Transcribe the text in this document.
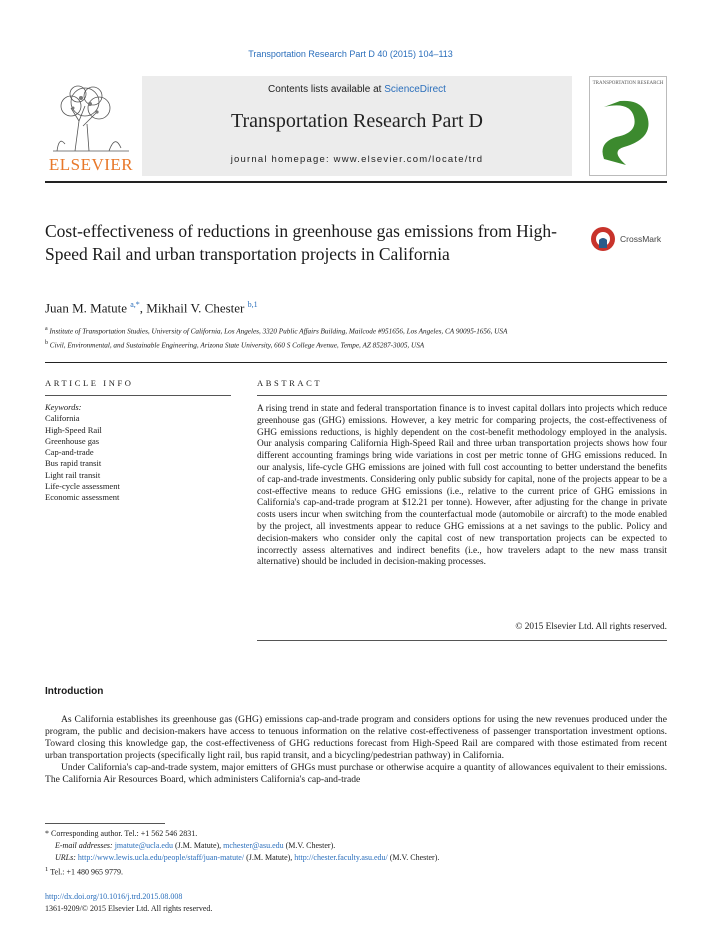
Transportation Research Part D 40 (2015) 104–113
ELSEVIER
Contents lists available at ScienceDirect
Transportation Research Part D
journal homepage: www.elsevier.com/locate/trd
TRANSPORTATION RESEARCH
Cost-effectiveness of reductions in greenhouse gas emissions from High-Speed Rail and urban transportation projects in California
CrossMark
Juan M. Matute $^{a,*}$, Mikhail V. Chester $^{b,1}$
$^a$ Institute of Transportation Studies, University of California, Los Angeles, 3320 Public Affairs Building, Mailcode #951656, Los Angeles, CA 90095-1656, USA
$^b$ Civil, Environmental, and Sustainable Engineering, Arizona State University, 660 S College Avenue, Tempe, AZ 85287-3005, USA
ARTICLE INFO
Keywords:
California
High-Speed Rail
Greenhouse gas
Cap-and-trade
Bus rapid transit
Light rail transit
Life-cycle assessment
Economic assessment
ABSTRACT
A rising trend in state and federal transportation finance is to invest capital dollars into projects which reduce greenhouse gas (GHG) emissions. However, a key metric for comparing projects, the cost-effectiveness of GHG emissions reductions, is highly dependent on the cost-benefit methodology employed in the analysis. Our analysis comparing California High-Speed Rail and three urban transportation projects shows how four different accounting framings bring wide variations in cost per metric tonne of GHG emissions reduced. In our analysis, life-cycle GHG emissions are joined with full cost accounting to better understand the benefits of cap-and-trade investments. Considering only public subsidy for capital, none of the projects appear to be a cost-effective means to reduce GHG emissions (i.e., relative to the current price of GHG emissions in California's cap-and-trade program at $12.21 per tonne). However, after adjusting for the change in private costs users incur when switching from the counterfactual mode (automobile or aircraft) to the mode enabled by the project, all investments appear to reduce GHG emissions at a net savings to the public. Policy and decision-makers who consider only the capital cost of new transportation projects can be expected to incorrectly assess alternatives and indirect benefits (i.e., how travelers adapt to the new mass transit alternative) should be included in decision-making processes.
© 2015 Elsevier Ltd. All rights reserved.
Introduction

As California establishes its greenhouse gas (GHG) emissions cap-and-trade program and considers options for using the new revenues produced under the program, the public and decision-makers have access to tenuous information on the relative cost-effectiveness of passenger transportation investment options. Toward closing this knowledge gap, the cost-effectiveness of GHG reductions forecast from High-Speed Rail are compared with those estimated from recent urban transportation projects (specifically light rail, bus rapid transit, and a bicycling/pedestrian pathway) in California.

Under California's cap-and-trade system, major emitters of GHGs must purchase or otherwise acquire a quantity of allowances equivalent to their emissions. The California Air Resources Board, which administers California's cap-and-trade

* Corresponding author. Tel.: +1 562 546 2831.
E-mail addresses: jmatute@ucla.edu (J.M. Matute), mchester@asu.edu (M.V. Chester).
URLs: http://www.lewis.ucla.edu/people/staff/juan-matute/ (J.M. Matute), http://chester.faculty.asu.edu/ (M.V. Chester).
$^1$ Tel.: +1 480 965 9779.
http://dx.doi.org/10.1016/j.trd.2015.08.008
1361-9209/© 2015 Elsevier Ltd. All rights reserved.
